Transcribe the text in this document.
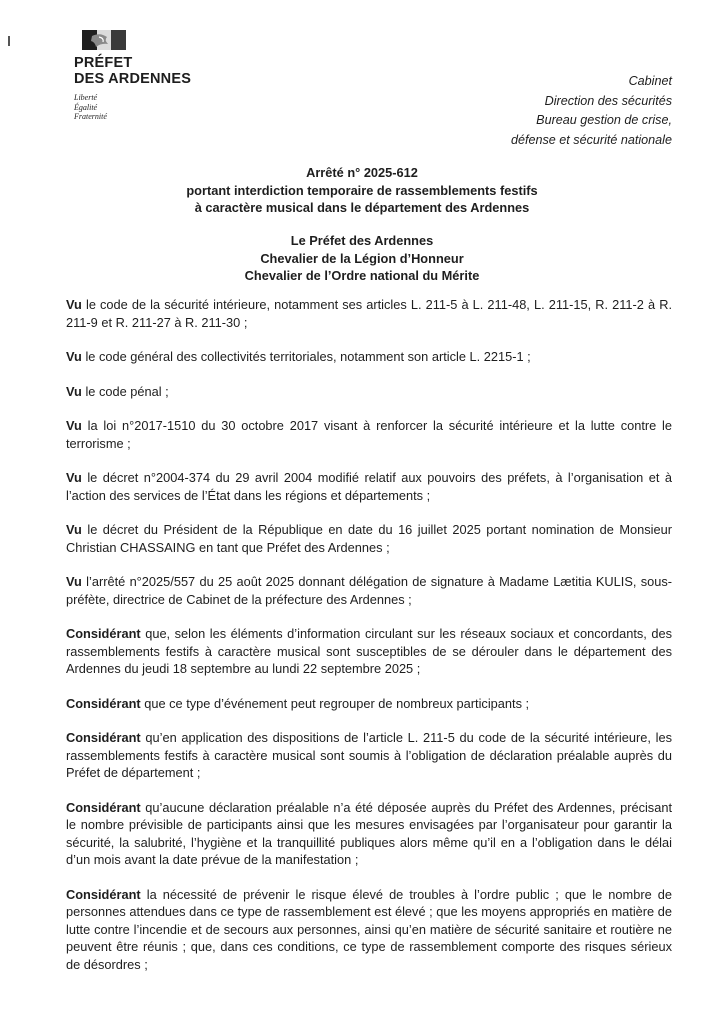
PRÉFET
DES ARDENNES
Liberté
Égalité
Fraternité
Cabinet
Direction des sécurités
Bureau gestion de crise,
défense et sécurité nationale
Arrêté n° 2025-612
portant interdiction temporaire de rassemblements festifs
à caractère musical dans le département des Ardennes
Le Préfet des Ardennes
Chevalier de la Légion d’Honneur
Chevalier de l’Ordre national du Mérite

Vu le code de la sécurité intérieure, notamment ses articles L. 211-5 à L. 211-48, L. 211-15, R. 211-2 à R. 211-9 et R. 211-27 à R. 211-30 ;

Vu le code général des collectivités territoriales, notamment son article L. 2215-1 ;

Vu le code pénal ;

Vu la loi n°2017-1510 du 30 octobre 2017 visant à renforcer la sécurité intérieure et la lutte contre le terrorisme ;

Vu le décret n°2004-374 du 29 avril 2004 modifié relatif aux pouvoirs des préfets, à l’organisation et à l’action des services de l’État dans les régions et départements ;

Vu le décret du Président de la République en date du 16 juillet 2025 portant nomination de Monsieur Christian CHASSAING en tant que Préfet des Ardennes ;

Vu l’arrêté n°2025/557 du 25 août 2025 donnant délégation de signature à Madame Lætitia KULIS, sous-préfète, directrice de Cabinet de la préfecture des Ardennes ;

Considérant que, selon les éléments d’information circulant sur les réseaux sociaux et concordants, des rassemblements festifs à caractère musical sont susceptibles de se dérouler dans le département des Ardennes du jeudi 18 septembre au lundi 22 septembre 2025 ;

Considérant que ce type d’événement peut regrouper de nombreux participants ;

Considérant qu’en application des dispositions de l’article L. 211-5 du code de la sécurité intérieure, les rassemblements festifs à caractère musical sont soumis à l’obligation de déclaration préalable auprès du Préfet de département ;

Considérant qu’aucune déclaration préalable n’a été déposée auprès du Préfet des Ardennes, précisant le nombre prévisible de participants ainsi que les mesures envisagées par l’organisateur pour garantir la sécurité, la salubrité, l’hygiène et la tranquillité publiques alors même qu’il en a l’obligation dans le délai d’un mois avant la date prévue de la manifestation ;

Considérant la nécessité de prévenir le risque élevé de troubles à l’ordre public ; que le nombre de personnes attendues dans ce type de rassemblement est élevé ; que les moyens appropriés en matière de lutte contre l’incendie et de secours aux personnes, ainsi qu’en matière de sécurité sanitaire et routière ne peuvent être réunis ; que, dans ces conditions, ce type de rassemblement comporte des risques sérieux de désordres ;
